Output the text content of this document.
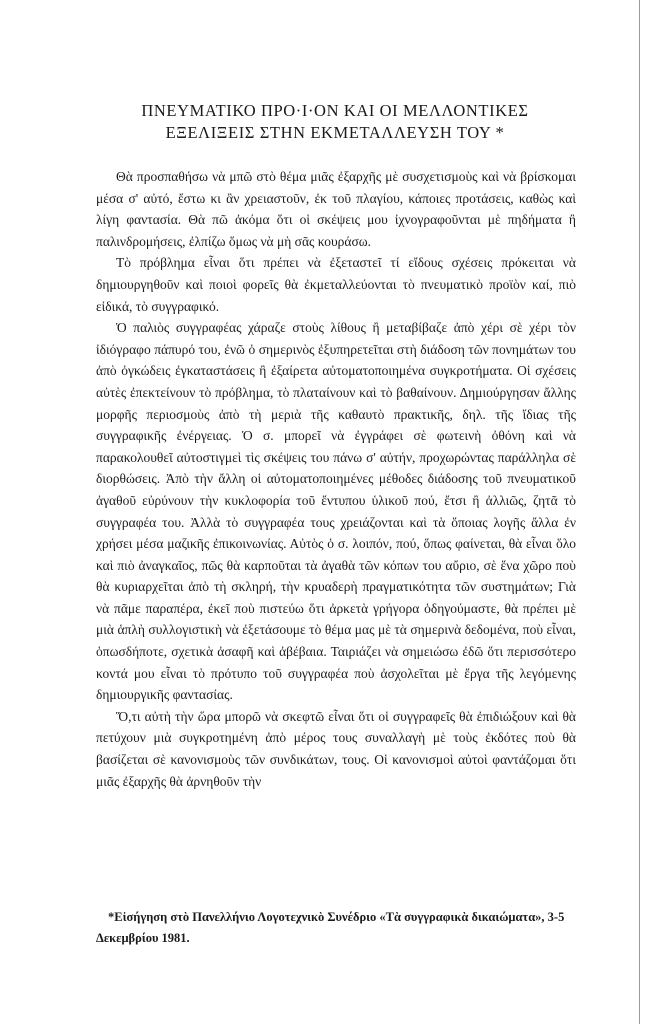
ΠΝΕΥΜΑΤΙΚΟ ΠΡΟ·Ι·ΟΝ ΚΑΙ ΟΙ ΜΕΛΛΟΝΤΙΚΕΣ
ΕΞΕΛΙΞΕΙΣ ΣΤΗΝ ΕΚΜΕΤΑΛΛΕΥΣΗ ΤΟΥ *

Θὰ προσπαθήσω νὰ μπῶ στὸ θέμα μιᾶς ἐξαρχῆς μὲ συσχετισμοὺς καὶ νὰ βρίσκομαι μέσα σ' αὐτό, ἔστω κι ἂν χρειαστοῦν, ἐκ τοῦ πλαγίου, κάποιες προτάσεις, καθὼς καὶ λίγη φαντασία. Θὰ πῶ ἀκόμα ὅτι οἱ σκέψεις μου ἰχνογραφοῦνται μὲ πηδήματα ἢ παλινδρομήσεις, ἐλπίζω ὅμως νὰ μὴ σᾶς κουράσω.

Τὸ πρόβλημα εἶναι ὅτι πρέπει νὰ ἐξεταστεῖ τί εἴδους σχέσεις πρόκειται νὰ δημιουργηθοῦν καὶ ποιοὶ φορεῖς θὰ ἐκμεταλλεύονται τὸ πνευματικὸ προϊὸν καί, πιὸ εἰδικά, τὸ συγγραφικό.

Ὁ παλιὸς συγγραφέας χάραζε στοὺς λίθους ἢ μεταβίβαζε ἀπὸ χέρι σὲ χέρι τὸν ἰδιόγραφο πάπυρό του, ἐνῶ ὁ σημερινὸς ἐξυπηρετεῖται στὴ διάδοση τῶν πονημάτων του ἀπὸ ὀγκώδεις ἐγκαταστάσεις ἢ ἐξαίρετα αὐτοματοποιημένα συγκροτήματα. Οἱ σχέσεις αὐτὲς ἐπεκτείνουν τὸ πρόβλημα, τὸ πλαταίνουν καὶ τὸ βαθαίνουν. Δημιούργησαν ἄλλης μορφῆς περιοσμοὺς ἀπὸ τὴ μεριὰ τῆς καθαυτὸ πρακτικῆς, δηλ. τῆς ἴδιας τῆς συγγραφικῆς ἐνέργειας. Ὁ σ. μπορεῖ νὰ ἐγγράφει σὲ φωτεινὴ ὀθόνη καὶ νὰ παρακολουθεῖ αὐτοστιγμεὶ τὶς σκέψεις του πάνω σ' αὐτήν, προχωρώντας παράλληλα σὲ διορθώσεις. Ἀπὸ τὴν ἄλλη οἱ αὐτοματοποιημένες μέθοδες διάδοσης τοῦ πνευματικοῦ ἀγαθοῦ εὐρύνουν τὴν κυκλοφορία τοῦ ἔντυπου ὑλικοῦ πού, ἔτσι ἢ ἀλλιῶς, ζητᾶ τὸ συγγραφέα του. Ἀλλὰ τὸ συγγραφέα τους χρειάζονται καὶ τὰ ὅποιας λογῆς ἄλλα ἐν χρήσει μέσα μαζικῆς ἐπικοινωνίας. Αὐτὸς ὁ σ. λοιπόν, πού, ὅπως φαίνεται, θὰ εἶναι ὅλο καὶ πιὸ ἀναγκαῖος, πῶς θὰ καρποῦται τὰ ἀγαθὰ τῶν κόπων του αὔριο, σὲ ἕνα χῶρο ποὺ θὰ κυριαρχεῖται ἀπὸ τὴ σκληρή, τὴν κρυαδερὴ πραγματικότητα τῶν συστημάτων; Γιὰ νὰ πᾶμε παραπέρα, ἐκεῖ ποὺ πιστεύω ὅτι ἀρκετὰ γρήγορα ὁδηγούμαστε, θὰ πρέπει μὲ μιὰ ἁπλὴ συλλογιστικὴ νὰ ἐξετάσουμε τὸ θέμα μας μὲ τὰ σημερινὰ δεδομένα, ποὺ εἶναι, ὁπωσδήποτε, σχετικὰ ἀσαφῆ καὶ ἀβέβαια. Ταιριάζει νὰ σημειώσω ἐδῶ ὅτι περισσότερο κοντά μου εἶναι τὸ πρότυπο τοῦ συγγραφέα ποὺ ἀσχολεῖται μὲ ἔργα τῆς λεγόμενης δημιουργικῆς φαντασίας.

Ὅ,τι αὐτὴ τὴν ὥρα μπορῶ νὰ σκεφτῶ εἶναι ὅτι οἱ συγγραφεῖς θὰ ἐπιδιώξουν καὶ θὰ πετύχουν μιὰ συγκροτημένη ἀπὸ μέρος τους συναλλαγὴ μὲ τοὺς ἐκδότες ποὺ θὰ βασίζεται σὲ κανονισμοὺς τῶν συνδικάτων, τους. Οἱ κανονισμοὶ αὐτοὶ φαντάζομαι ὅτι μιᾶς ἐξαρχῆς θὰ ἀρνηθοῦν τὴν

*Εἰσήγηση στὸ Πανελλήνιο Λογοτεχνικὸ Συνέδριο «Τὰ συγγραφικὰ δικαιώματα», 3-5 Δεκεμβρίου 1981.
